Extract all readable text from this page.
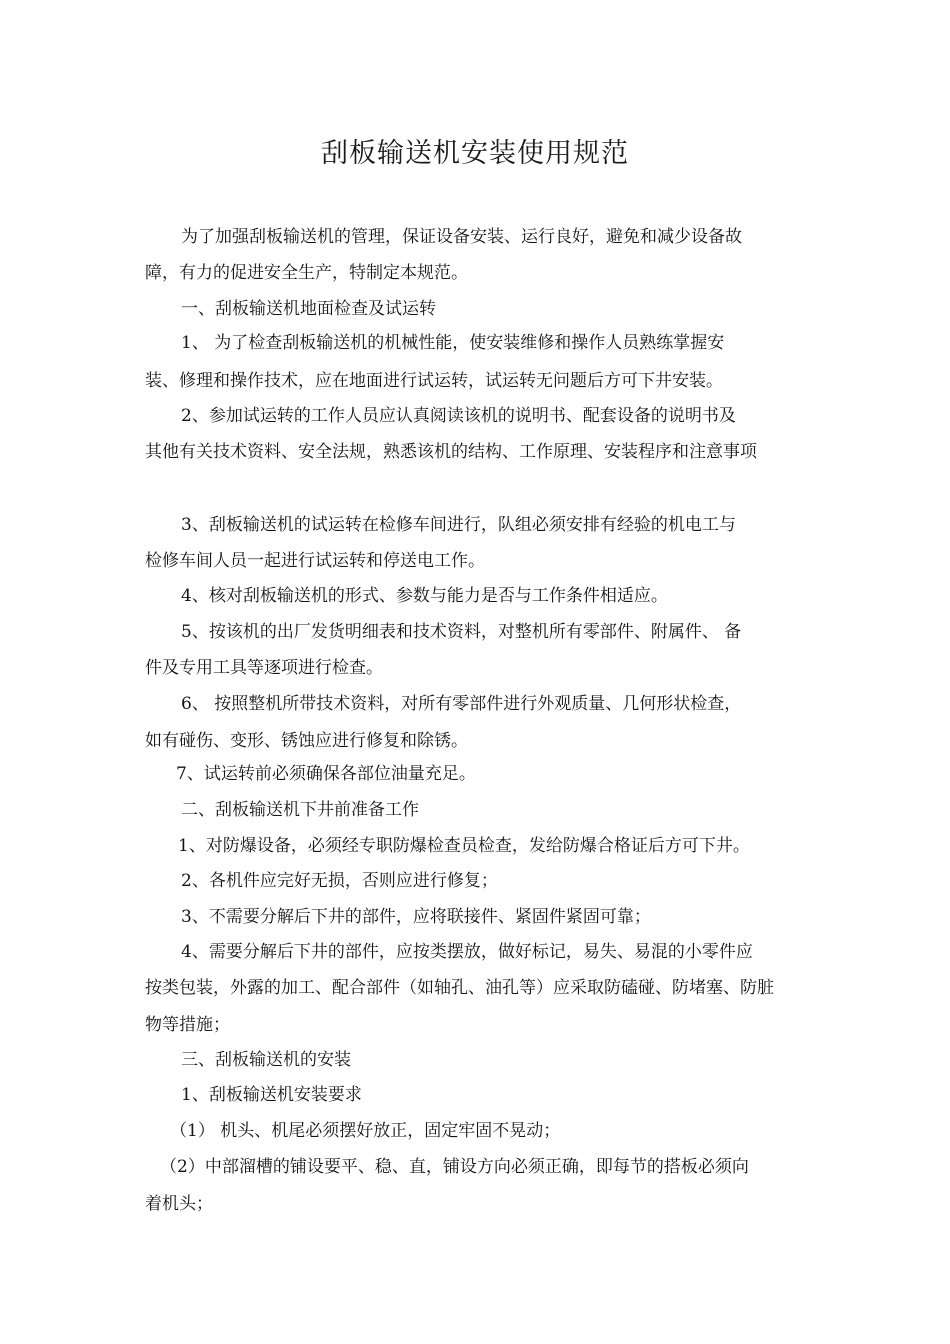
刮板输送机安装使用规范
为了加强刮板输送机的管理，保证设备安装、运行良好，避免和减少设备故
障，有力的促进安全生产，特制定本规范。
一、刮板输送机地面检查及试运转
1、 为了检查刮板输送机的机械性能，使安装维修和操作人员熟练掌握安
装、修理和操作技术，应在地面进行试运转，试运转无问题后方可下井安装。
2、参加试运转的工作人员应认真阅读该机的说明书、配套设备的说明书及
其他有关技术资料、安全法规，熟悉该机的结构、工作原理、安装程序和注意事项
3、刮板输送机的试运转在检修车间进行，队组必须安排有经验的机电工与
检修车间人员一起进行试运转和停送电工作。
4、核对刮板输送机的形式、参数与能力是否与工作条件相适应。
5、按该机的出厂发货明细表和技术资料，对整机所有零部件、附属件、 备
件及专用工具等逐项进行检查。
6、 按照整机所带技术资料，对所有零部件进行外观质量、几何形状检查，
如有碰伤、变形、锈蚀应进行修复和除锈。
7、试运转前必须确保各部位油量充足。
二、刮板输送机下井前准备工作
1、对防爆设备，必须经专职防爆检查员检查，发给防爆合格证后方可下井。
2、各机件应完好无损，否则应进行修复；
3、不需要分解后下井的部件，应将联接件、紧固件紧固可靠；
4、需要分解后下井的部件，应按类摆放，做好标记，易失、易混的小零件应
按类包装，外露的加工、配合部件（如轴孔、油孔等）应采取防磕碰、防堵塞、防脏
物等措施；
三、刮板输送机的安装
1、刮板输送机安装要求
（1） 机头、机尾必须摆好放正，固定牢固不晃动；
（2）中部溜槽的铺设要平、稳、直，铺设方向必须正确，即每节的搭板必须向
着机头；
